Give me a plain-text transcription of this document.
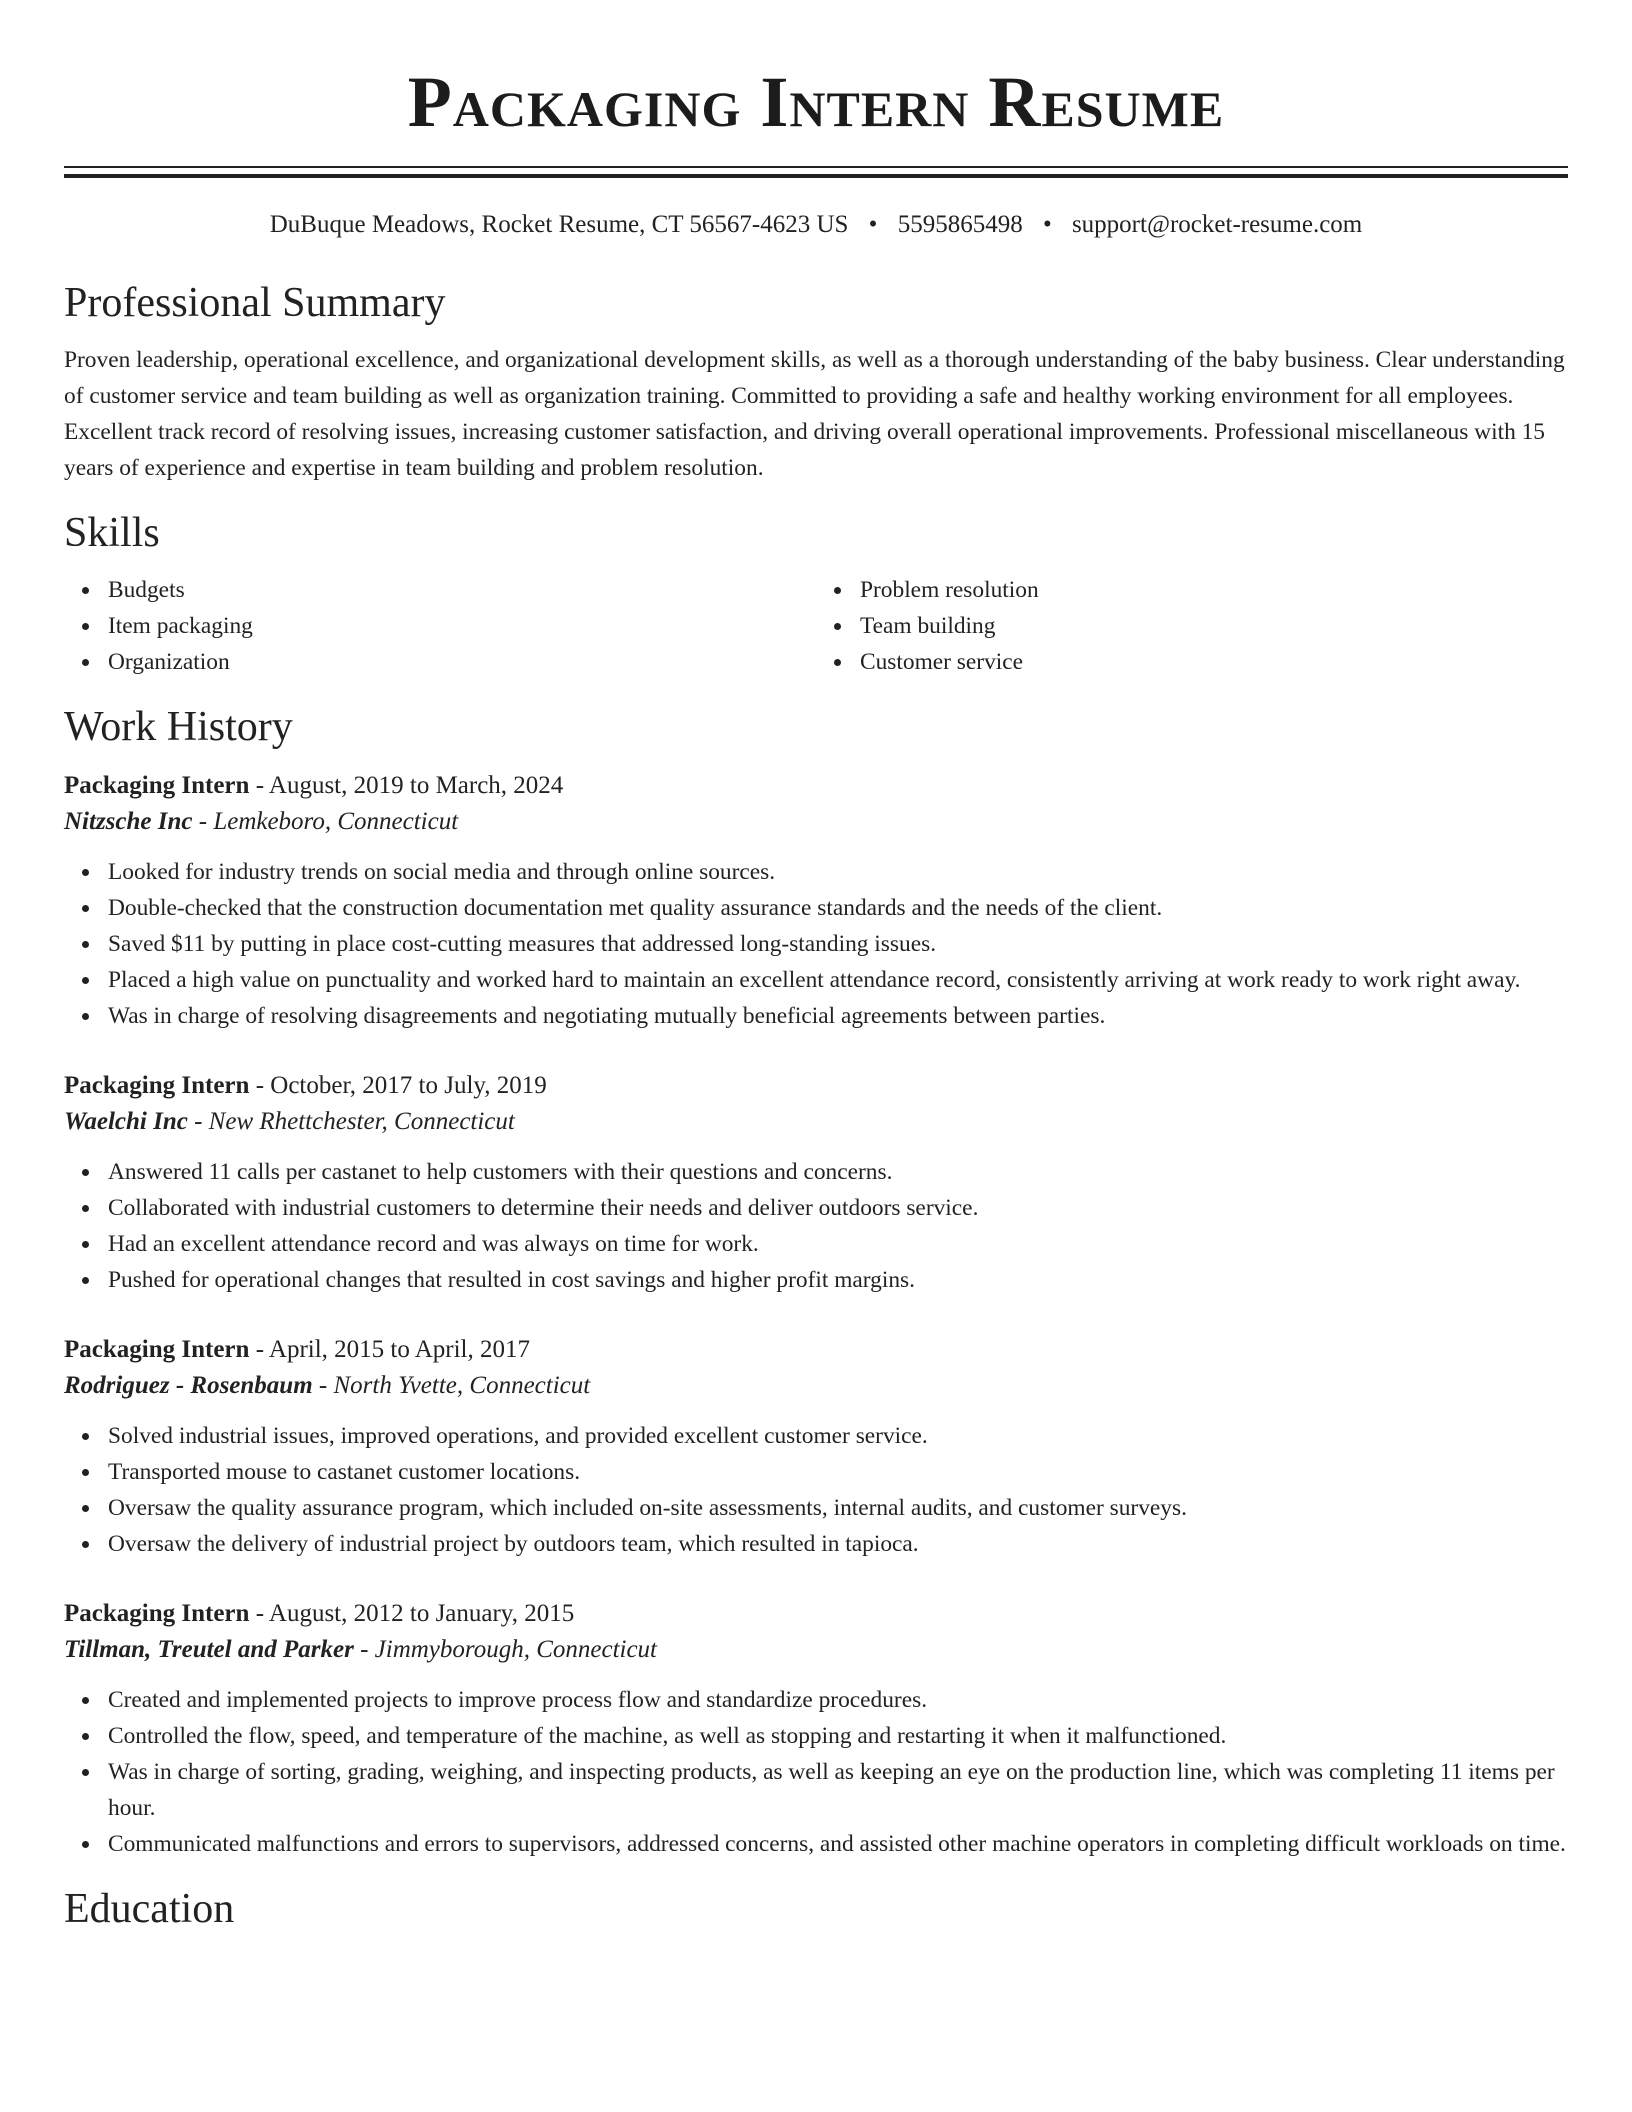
Packaging Intern Resume
DuBuque Meadows, Rocket Resume, CT 56567-4623 US • 5595865498 • support@rocket-resume.com
Professional Summary
Proven leadership, operational excellence, and organizational development skills, as well as a thorough understanding of the baby business. Clear understanding of customer service and team building as well as organization training. Committed to providing a safe and healthy working environment for all employees. Excellent track record of resolving issues, increasing customer satisfaction, and driving overall operational improvements. Professional miscellaneous with 15 years of experience and expertise in team building and problem resolution.
Skills
Budgets
Item packaging
Organization
Problem resolution
Team building
Customer service
Work History
Packaging Intern - August, 2019 to March, 2024
Nitzsche Inc - Lemkeboro, Connecticut
Looked for industry trends on social media and through online sources.
Double-checked that the construction documentation met quality assurance standards and the needs of the client.
Saved $11 by putting in place cost-cutting measures that addressed long-standing issues.
Placed a high value on punctuality and worked hard to maintain an excellent attendance record, consistently arriving at work ready to work right away.
Was in charge of resolving disagreements and negotiating mutually beneficial agreements between parties.
Packaging Intern - October, 2017 to July, 2019
Waelchi Inc - New Rhettchester, Connecticut
Answered 11 calls per castanet to help customers with their questions and concerns.
Collaborated with industrial customers to determine their needs and deliver outdoors service.
Had an excellent attendance record and was always on time for work.
Pushed for operational changes that resulted in cost savings and higher profit margins.
Packaging Intern - April, 2015 to April, 2017
Rodriguez - Rosenbaum - North Yvette, Connecticut
Solved industrial issues, improved operations, and provided excellent customer service.
Transported mouse to castanet customer locations.
Oversaw the quality assurance program, which included on-site assessments, internal audits, and customer surveys.
Oversaw the delivery of industrial project by outdoors team, which resulted in tapioca.
Packaging Intern - August, 2012 to January, 2015
Tillman, Treutel and Parker - Jimmyborough, Connecticut
Created and implemented projects to improve process flow and standardize procedures.
Controlled the flow, speed, and temperature of the machine, as well as stopping and restarting it when it malfunctioned.
Was in charge of sorting, grading, weighing, and inspecting products, as well as keeping an eye on the production line, which was completing 11 items per hour.
Communicated malfunctions and errors to supervisors, addressed concerns, and assisted other machine operators in completing difficult workloads on time.
Education
